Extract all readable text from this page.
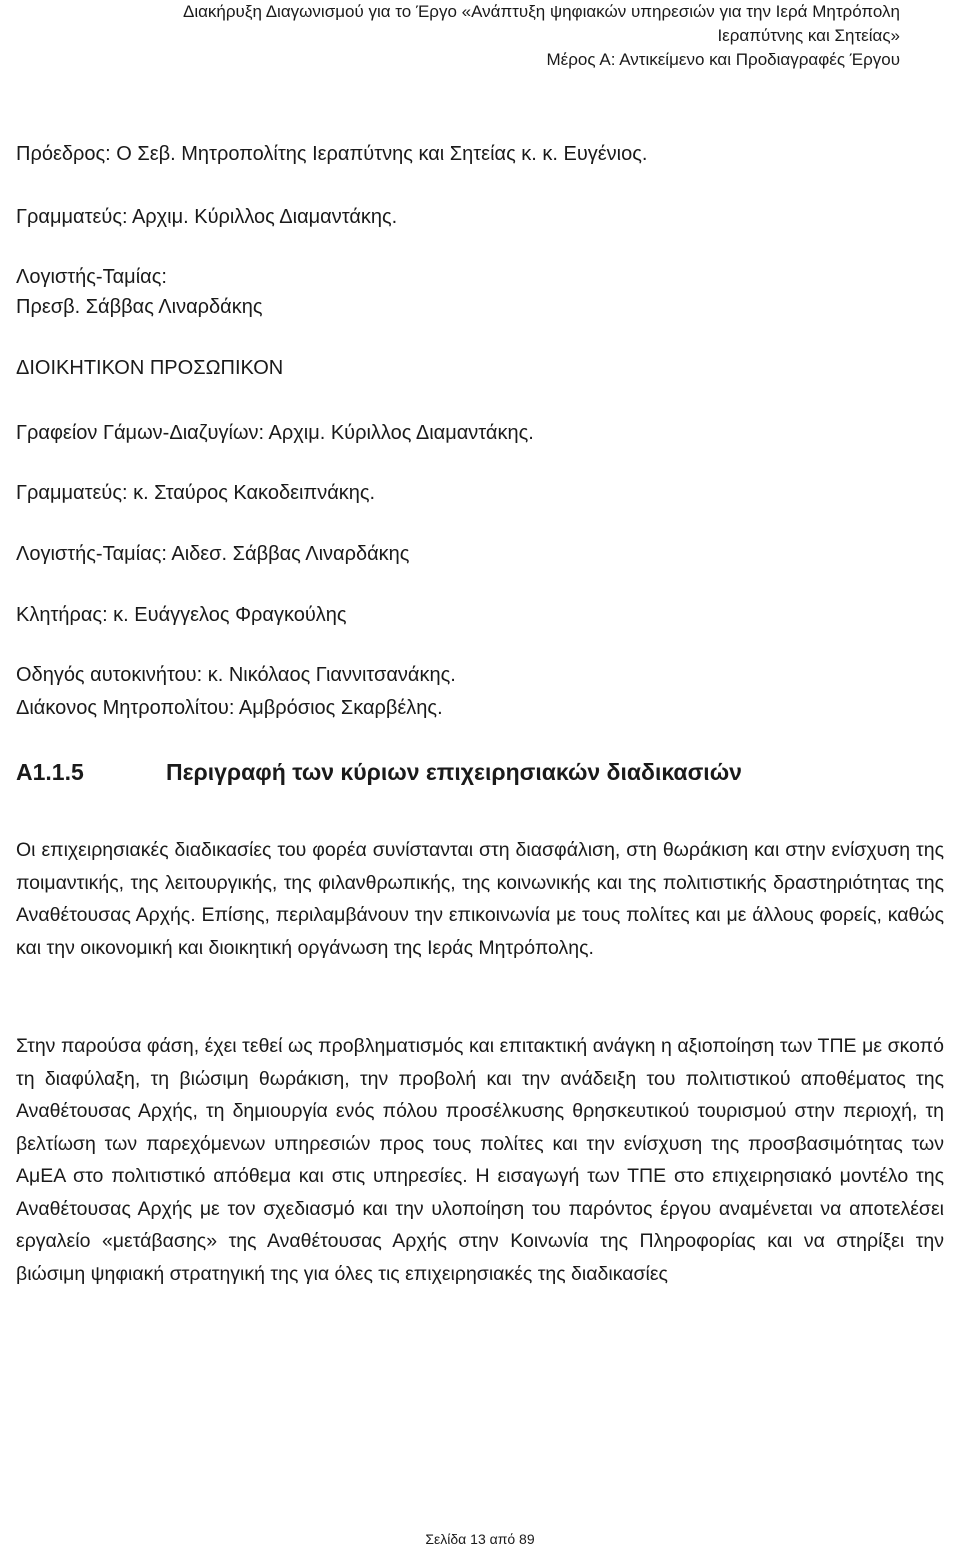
Διακήρυξη Διαγωνισμού για το Έργο «Ανάπτυξη ψηφιακών υπηρεσιών για την Ιερά Μητρόπολη
Ιεραπύτνης και Σητείας»
Μέρος Α: Αντικείμενο και Προδιαγραφές Έργου
Πρόεδρος: Ο Σεβ. Μητροπολίτης Ιεραπύτνης και Σητείας κ. κ. Ευγένιος.
Γραμματεύς: Αρχιμ. Κύριλλος Διαμαντάκης.
Λογιστής-Ταμίας:
Πρεσβ. Σάββας Λιναρδάκης
ΔΙΟΙΚΗΤΙΚΟΝ ΠΡΟΣΩΠΙΚΟΝ
Γραφείον Γάμων-Διαζυγίων: Αρχιμ. Κύριλλος Διαμαντάκης.
Γραμματεύς: κ. Σταύρος Κακοδειπνάκης.
Λογιστής-Ταμίας: Αιδεσ. Σάββας Λιναρδάκης
Κλητήρας: κ. Ευάγγελος Φραγκούλης
Οδηγός αυτοκινήτου: κ. Νικόλαος Γιαννιτσανάκης.
Διάκονος Μητροπολίτου: Αμβρόσιος Σκαρβέλης.
Α1.1.5	Περιγραφή των κύριων επιχειρησιακών διαδικασιών
Οι επιχειρησιακές διαδικασίες του φορέα συνίστανται στη διασφάλιση, στη θωράκιση και στην ενίσχυση της ποιμαντικής, της λειτουργικής, της φιλανθρωπικής, της κοινωνικής και της πολιτιστικής δραστηριότητας της Αναθέτουσας Αρχής. Επίσης, περιλαμβάνουν την επικοινωνία με τους πολίτες και με άλλους φορείς, καθώς και την οικονομική και διοικητική οργάνωση της Ιεράς Μητρόπολης.
Στην παρούσα φάση, έχει τεθεί ως προβληματισμός και επιτακτική ανάγκη η αξιοποίηση των ΤΠΕ με σκοπό τη διαφύλαξη, τη βιώσιμη θωράκιση, την προβολή και την ανάδειξη του πολιτιστικού αποθέματος της Αναθέτουσας Αρχής, τη δημιουργία ενός πόλου προσέλκυσης θρησκευτικού τουρισμού στην περιοχή, τη βελτίωση των παρεχόμενων υπηρεσιών προς τους πολίτες και την ενίσχυση της προσβασιμότητας των ΑμΕΑ στο πολιτιστικό απόθεμα και στις υπηρεσίες. Η εισαγωγή των ΤΠΕ στο επιχειρησιακό μοντέλο της Αναθέτουσας Αρχής με τον σχεδιασμό και την υλοποίηση του παρόντος έργου αναμένεται να αποτελέσει εργαλείο «μετάβασης» της Αναθέτουσας Αρχής στην Κοινωνία της Πληροφορίας και να στηρίξει την βιώσιμη ψηφιακή στρατηγική της για όλες τις επιχειρησιακές της διαδικασίες
Σελίδα 13 από 89
